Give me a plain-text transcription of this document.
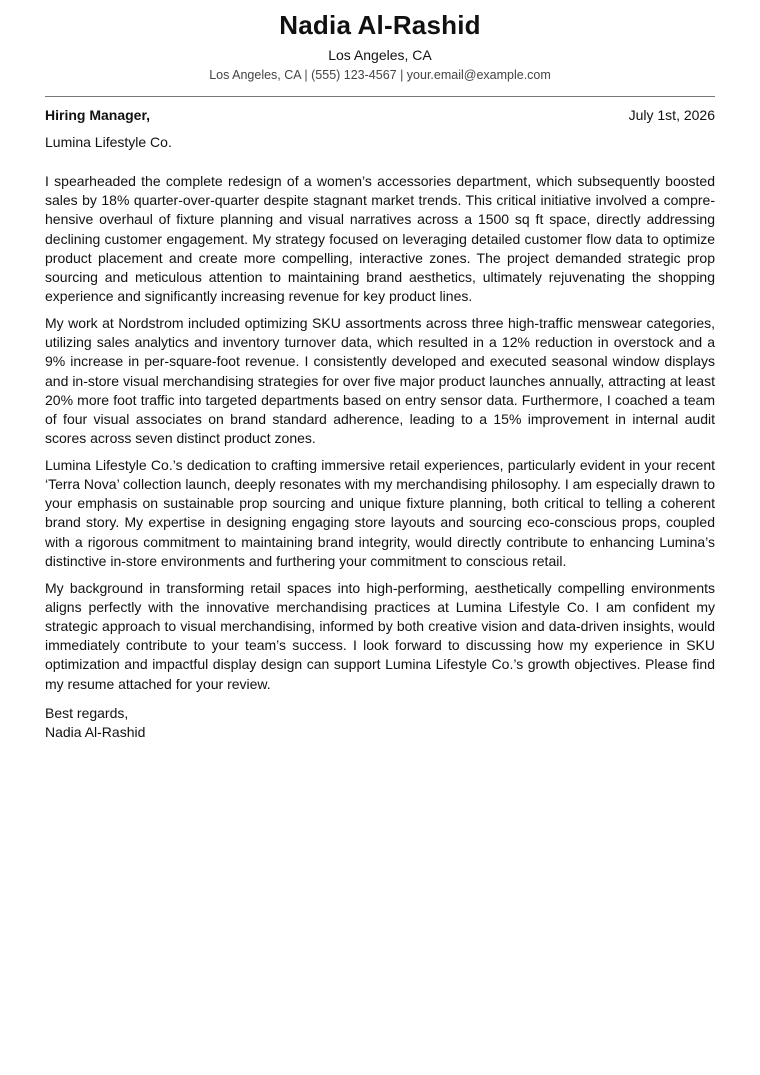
Nadia Al-Rashid
Los Angeles, CA
Los Angeles, CA | (555) 123-4567 | your.email@example.com
Hiring Manager,	July 1st, 2026
Lumina Lifestyle Co.

I spearheaded the complete redesign of a women’s accessories department, which subsequently boosted sales by 18% quarter-over-quarter despite stagnant market trends. This critical initiative involved a comprehensive overhaul of fixture planning and visual narratives across a 1500 sq ft space, directly addressing declining customer engagement. My strategy focused on leveraging detailed customer flow data to optimize product placement and create more compelling, interactive zones. The project demanded strategic prop sourcing and meticulous attention to maintaining brand aesthetics, ultimately rejuvenating the shopping experience and significantly increasing revenue for key product lines.

My work at Nordstrom included optimizing SKU assortments across three high-traffic menswear categories, utilizing sales analytics and inventory turnover data, which resulted in a 12% reduction in overstock and a 9% increase in per-square-foot revenue. I consistently developed and executed seasonal window displays and in-store visual merchandising strategies for over five major product launches annually, attracting at least 20% more foot traffic into targeted departments based on entry sensor data. Furthermore, I coached a team of four visual associates on brand standard adherence, leading to a 15% improvement in internal audit scores across seven distinct product zones.

Lumina Lifestyle Co.’s dedication to crafting immersive retail experiences, particularly evident in your recent ‘Terra Nova’ collection launch, deeply resonates with my merchandising philosophy. I am especially drawn to your emphasis on sustainable prop sourcing and unique fixture planning, both critical to telling a coherent brand story. My expertise in designing engaging store layouts and sourcing eco-conscious props, coupled with a rigorous commitment to maintaining brand integrity, would directly contribute to enhancing Lumina’s distinctive in-store environments and furthering your commitment to conscious retail.

My background in transforming retail spaces into high-performing, aesthetically compelling environments aligns perfectly with the innovative merchandising practices at Lumina Lifestyle Co. I am confident my strategic approach to visual merchandising, informed by both creative vision and data-driven insights, would immediately contribute to your team’s success. I look forward to discussing how my experience in SKU optimization and impactful display design can support Lumina Lifestyle Co.’s growth objectives. Please find my resume attached for your review.

Best regards,
Nadia Al-Rashid
